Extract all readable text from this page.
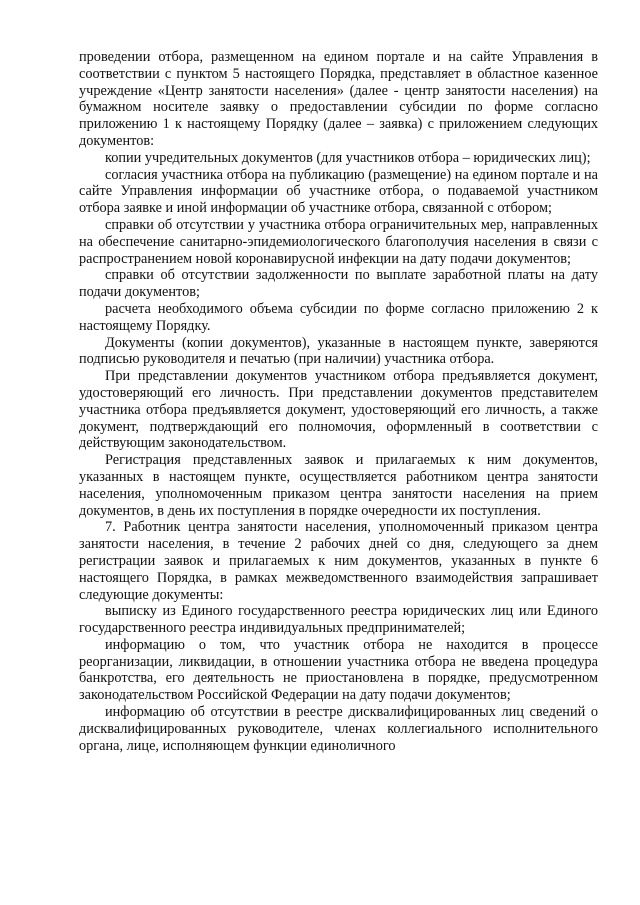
проведении отбора, размещенном на едином портале и на сайте Управления в соответствии с пунктом 5 настоящего Порядка, представляет в областное казенное учреждение «Центр занятости населения» (далее - центр занятости населения) на бумажном носителе заявку о предоставлении субсидии по форме согласно приложению 1 к настоящему Порядку (далее – заявка) с приложением следующих документов:

копии учредительных документов (для участников отбора – юридических лиц);

согласия участника отбора на публикацию (размещение) на едином портале и на сайте Управления информации об участнике отбора, о подаваемой участником отбора заявке и иной информации об участнике отбора, связанной с отбором;

справки об отсутствии у участника отбора ограничительных мер, направленных на обеспечение санитарно-эпидемиологического благополучия населения в связи с распространением новой коронавирусной инфекции на дату подачи документов;

справки об отсутствии задолженности по выплате заработной платы на дату подачи документов;

расчета необходимого объема субсидии по форме согласно приложению 2 к настоящему Порядку.

Документы (копии документов), указанные в настоящем пункте, заверяются подписью руководителя и печатью (при наличии) участника отбора.

При представлении документов участником отбора предъявляется документ, удостоверяющий его личность. При представлении документов представителем участника отбора предъявляется документ, удостоверяющий его личность, а также документ, подтверждающий его полномочия, оформленный в соответствии с действующим законодательством.

Регистрация представленных заявок и прилагаемых к ним документов, указанных в настоящем пункте, осуществляется работником центра занятости населения, уполномоченным приказом центра занятости населения на прием документов, в день их поступления в порядке очередности их поступления.

7. Работник центра занятости населения, уполномоченный приказом центра занятости населения, в течение 2 рабочих дней со дня, следующего за днем регистрации заявок и прилагаемых к ним документов, указанных в пункте 6 настоящего Порядка, в рамках межведомственного взаимодействия запрашивает следующие документы:

выписку из Единого государственного реестра юридических лиц или Единого государственного реестра индивидуальных предпринимателей;

информацию о том, что участник отбора не находится в процессе реорганизации, ликвидации, в отношении участника отбора не введена процедура банкротства, его деятельность не приостановлена в порядке, предусмотренном законодательством Российской Федерации на дату подачи документов;

информацию об отсутствии в реестре дисквалифицированных лиц сведений о дисквалифицированных руководителе, членах коллегиального исполнительного органа, лице, исполняющем функции единоличного
